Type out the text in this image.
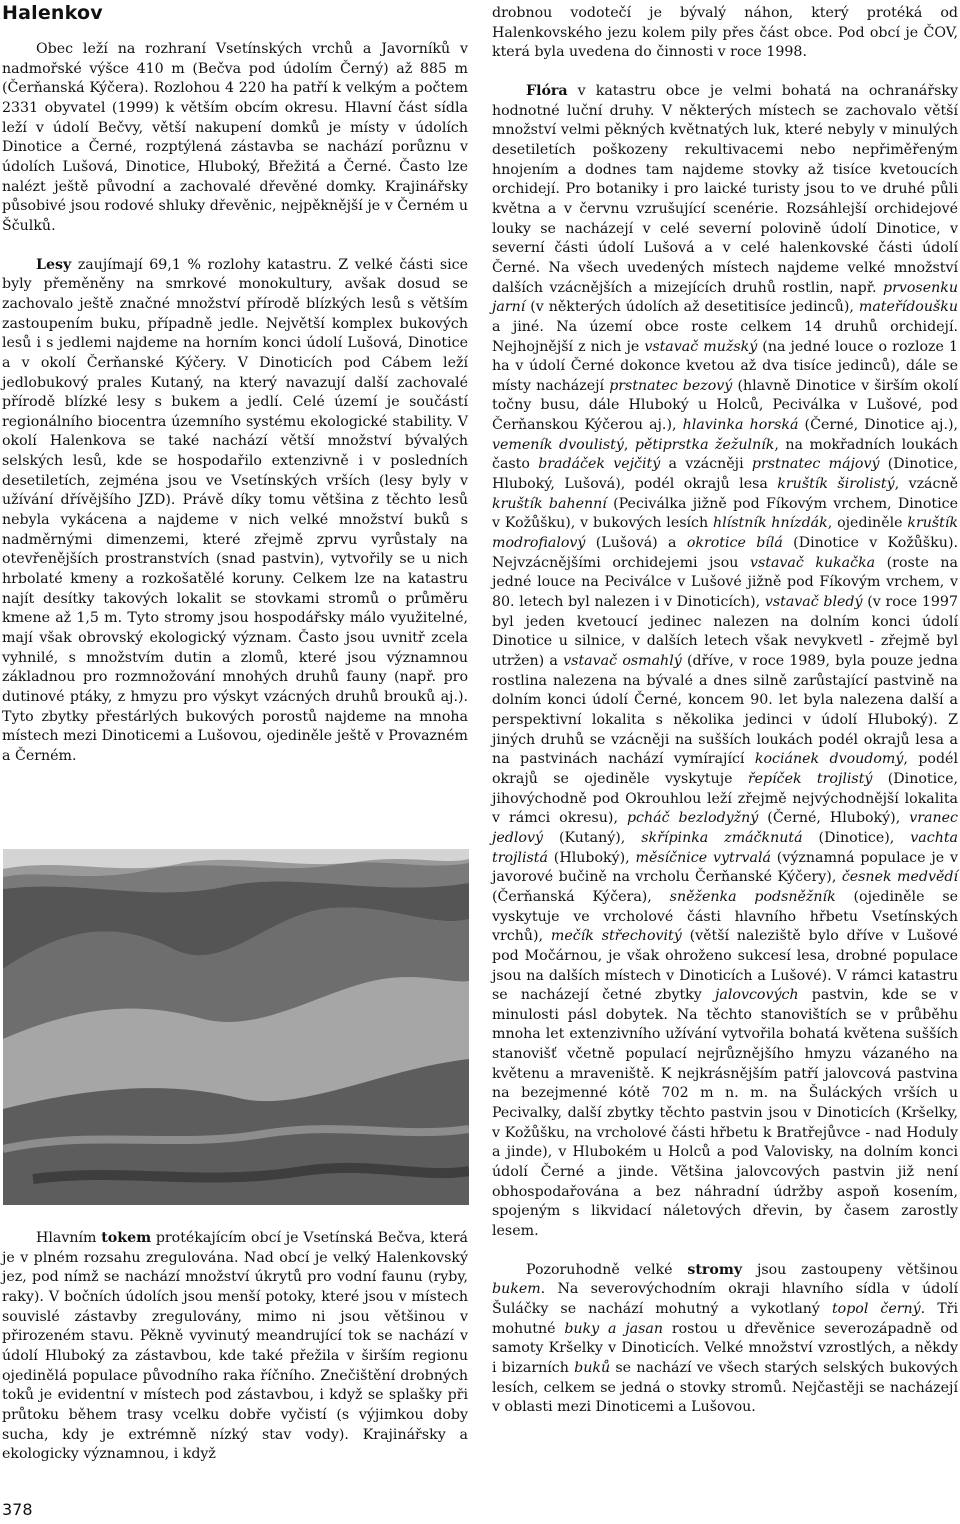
Halenkov

Obec leží na rozhraní Vsetínských vrchů a Javorníků v nadmořské výšce 410 m (Bečva pod údolím Černý) až 885 m (Čerňanská Kýčera). Rozlohou 4 220 ha patří k velkým a počtem 2331 obyvatel (1999) k větším obcím okresu. Hlavní část sídla leží v údolí Bečvy, větší nakupení domků je místy v údolích Dinotice a Černé, rozptýlená zástavba se nachází porůznu v údolích Lušová, Dinotice, Hluboký, Břežitá a Černé. Často lze nalézt ještě původní a zachovalé dřevěné domky. Krajinářsky působivé jsou rodové shluky dřevěnic, nejpěknější je v Černém u Ščulků.

Lesy zaujímají 69,1 % rozlohy katastru. Z velké části sice byly přeměněny na smrkové monokultury, avšak dosud se zachovalo ještě značné množství přírodě blízkých lesů s větším zastoupením buku, případně jedle. Největší komplex bukových lesů i s jedlemi najdeme na horním konci údolí Lušová, Dinotice a v okolí Čerňanské Kýčery. V Dinoticích pod Cábem leží jedlobukový prales Kutaný, na který navazují další zachovalé přírodě blízké lesy s bukem a jedlí. Celé území je součástí regionálního biocentra územního systému ekologické stability. V okolí Halenkova se také nachází větší množství bývalých selských lesů, kde se hospodařilo extenzivně i v posledních desetiletích, zejména jsou ve Vsetínských vrších (lesy byly v užívání dřívějšího JZD). Právě díky tomu většina z těchto lesů nebyla vykácena a najdeme v nich velké množství buků s nadměrnými dimenzemi, které zřejmě zprvu vyrůstaly na otevřenějších prostranstvích (snad pastvin), vytvořily se u nich hrbolaté kmeny a rozkošatělé koruny. Celkem lze na katastru najít desítky takových lokalit se stovkami stromů o průměru kmene až 1,5 m. Tyto stromy jsou hospodářsky málo využitelné, mají však obrovský ekologický význam. Často jsou uvnitř zcela vyhnilé, s množstvím dutin a zlomů, které jsou významnou základnou pro rozmnožování mnohých druhů fauny (např. pro dutinové ptáky, z hmyzu pro výskyt vzácných druhů brouků aj.). Tyto zbytky přestárlých bukových porostů najdeme na mnoha místech mezi Dinoticemi a Lušovou, ojediněle ještě v Provazném a Černém.

Hlavním tokem protékajícím obcí je Vsetínská Bečva, která je v plném rozsahu zregulována. Nad obcí je velký Halenkovský jez, pod nímž se nachází množství úkrytů pro vodní faunu (ryby, raky). V bočních údolích jsou menší potoky, které jsou v místech souvislé zástavby zregulovány, mimo ni jsou většinou v přirozeném stavu. Pěkně vyvinutý meandrující tok se nachází v údolí Hluboký za zástavbou, kde také přežila v širším regionu ojedinělá populace původního raka říčního. Znečištění drobných toků je evidentní v místech pod zástavbou, i když se splašky při průtoku během trasy vcelku dobře vyčistí (s výjimkou doby sucha, kdy je extrémně nízký stav vody). Krajinářsky a ekologicky významnou, i když

drobnou vodotečí je bývalý náhon, který protéká od Halenkovského jezu kolem pily přes část obce. Pod obcí je ČOV, která byla uvedena do činnosti v roce 1998.

Flóra v katastru obce je velmi bohatá na ochranářsky hodnotné luční druhy. V některých místech se zachovalo větší množství velmi pěkných květnatých luk, které nebyly v minulých desetiletích poškozeny rekultivacemi nebo nepřiměřeným hnojením a dodnes tam najdeme stovky až tisíce kvetoucích orchidejí. Pro botaniky i pro laické turisty jsou to ve druhé půli května a v červnu vzrušující scenérie. Rozsáhlejší orchidejové louky se nacházejí v celé severní polovině údolí Dinotice, v severní části údolí Lušová a v celé halenkovské části údolí Černé. Na všech uvedených místech najdeme velké množství dalších vzácnějších a mizejících druhů rostlin, např. prvosenku jarní (v některých údolích až desetitisíce jedinců), mateřídoušku a jiné. Na území obce roste celkem 14 druhů orchidejí. Nejhojnější z nich je vstavač mužský (na jedné louce o rozloze 1 ha v údolí Černé dokonce kvetou až dva tisíce jedinců), dále se místy nacházejí prstnatec bezový (hlavně Dinotice v širším okolí točny busu, dále Hluboký u Holců, Peciválka v Lušové, pod Čerňanskou Kýčerou aj.), hlavinka horská (Černé, Dinotice aj.), vemeník dvoulistý, pětiprstka žežulník, na mokřadních loukách často bradáček vejčitý a vzácněji prstnatec májový (Dinotice, Hluboký, Lušová), podél okrajů lesa kruštík širolistý, vzácně kruštík bahenní (Peciválka jižně pod Fíkovým vrchem, Dinotice v Kožůšku), v bukových lesích hlístník hnízdák, ojediněle kruštík modrofialový (Lušová) a okrotice bílá (Dinotice v Kožůšku). Nejvzácnějšími orchidejemi jsou vstavač kukačka (roste na jedné louce na Peciválce v Lušové jižně pod Fíkovým vrchem, v 80. letech byl nalezen i v Dinoticích), vstavač bledý (v roce 1997 byl jeden kvetoucí jedinec nalezen na dolním konci údolí Dinotice u silnice, v dalších letech však nevykvetl - zřejmě byl utržen) a vstavač osmahlý (dříve, v roce 1989, byla pouze jedna rostlina nalezena na bývalé a dnes silně zarůstající pastvině na dolním konci údolí Černé, koncem 90. let byla nalezena další a perspektivní lokalita s několika jedinci v údolí Hluboký). Z jiných druhů se vzácněji na sušších loukách podél okrajů lesa a na pastvinách nachází vymírající kociánek dvoudomý, podél okrajů se ojediněle vyskytuje řepíček trojlistý (Dinotice, jihovýchodně pod Okrouhlou leží zřejmě nejvýchodnější lokalita v rámci okresu), pcháč bezlodyžný (Černé, Hluboký), vranec jedlový (Kutaný), skřípinka zmáčknutá (Dinotice), vachta trojlistá (Hluboký), měsíčnice vytrvalá (významná populace je v javorové bučině na vrcholu Čerňanské Kýčery), česnek medvědí (Čerňanská Kýčera), sněženka podsněžník (ojediněle se vyskytuje ve vrcholové části hlavního hřbetu Vsetínských vrchů), mečík střechovitý (větší naleziště bylo dříve v Lušové pod Močárnou, je však ohroženo sukcesí lesa, drobné populace jsou na dalších místech v Dinoticích a Lušové). V rámci katastru se nacházejí četné zbytky jalovcových pastvin, kde se v minulosti pásl dobytek. Na těchto stanovištích se v průběhu mnoha let extenzivního užívání vytvořila bohatá květena sušších stanovišť včetně populací nejrůznějšího hmyzu vázaného na květenu a mraveniště. K nejkrásnějším patří jalovcová pastvina na bezejmenné kótě 702 m n. m. na Šuláckých vrších u Pecivalky, další zbytky těchto pastvin jsou v Dinoticích (Kršelky, v Kožůšku, na vrcholové části hřbetu k Bratřejůvce - nad Hoduly a jinde), v Hlubokém u Holců a pod Valovisky, na dolním konci údolí Černé a jinde. Většina jalovcových pastvin již není obhospodařována a bez náhradní údržby aspoň kosením, spojeným s likvidací náletových dřevin, by časem zarostly lesem.

Pozoruhodně velké stromy jsou zastoupeny většinou bukem. Na severovýchodním okraji hlavního sídla v údolí Šuláčky se nachází mohutný a vykotlaný topol černý. Tři mohutné buky a jasan rostou u dřevěnice severozápadně od samoty Kršelky v Dinoticích. Velké množství vzrostlých, a někdy i bizarních buků se nachází ve všech starých selských bukových lesích, celkem se jedná o stovky stromů. Nejčastěji se nacházejí v oblasti mezi Dinoticemi a Lušovou.

378
